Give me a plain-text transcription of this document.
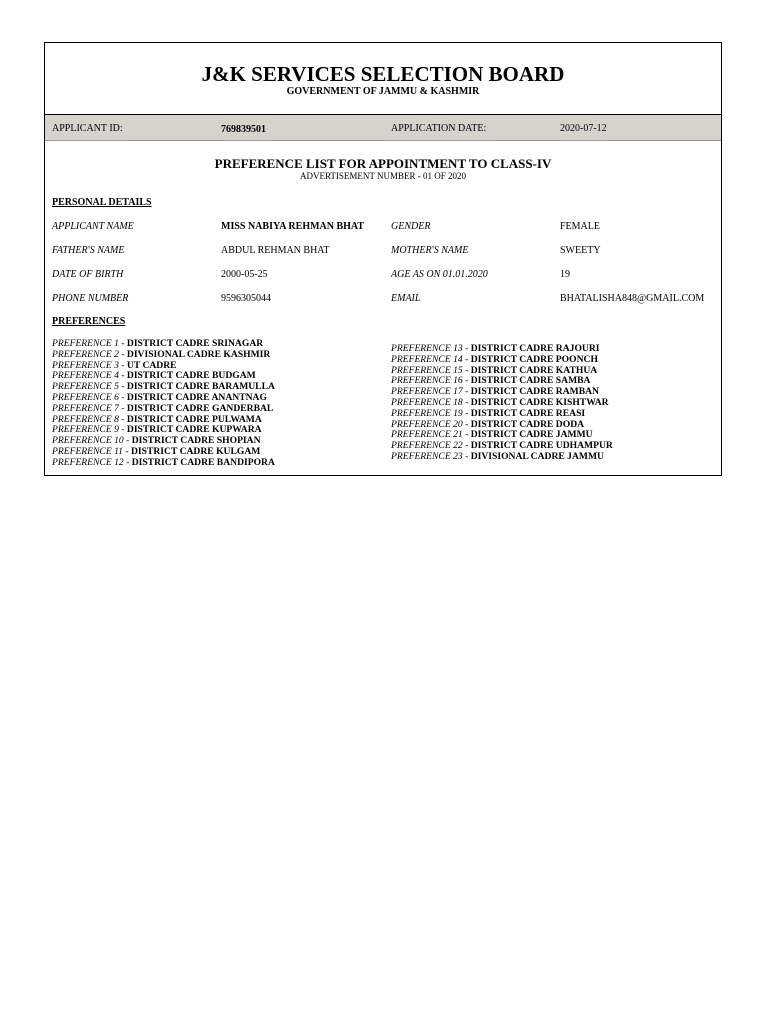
J&K SERVICES SELECTION BOARD
GOVERNMENT OF JAMMU & KASHMIR
APPLICANT ID:	769839501	APPLICATION DATE:	2020-07-12
PREFERENCE LIST FOR APPOINTMENT TO CLASS-IV
ADVERTISEMENT NUMBER - 01 OF 2020
PERSONAL DETAILS
APPLICANT NAME	MISS NABIYA REHMAN BHAT	GENDER	FEMALE
FATHER'S NAME	ABDUL REHMAN BHAT	MOTHER'S NAME	SWEETY
DATE OF BIRTH	2000-05-25	AGE AS ON 01.01.2020	19
PHONE NUMBER	9596305044	EMAIL	BHATALISHA848@GMAIL.COM
PREFERENCES
PREFERENCE 1 - DISTRICT CADRE SRINAGAR
PREFERENCE 2 - DIVISIONAL CADRE KASHMIR
PREFERENCE 3 - UT CADRE
PREFERENCE 4 - DISTRICT CADRE BUDGAM
PREFERENCE 5 - DISTRICT CADRE BARAMULLA
PREFERENCE 6 - DISTRICT CADRE ANANTNAG
PREFERENCE 7 - DISTRICT CADRE GANDERBAL
PREFERENCE 8 - DISTRICT CADRE PULWAMA
PREFERENCE 9 - DISTRICT CADRE KUPWARA
PREFERENCE 10 - DISTRICT CADRE SHOPIAN
PREFERENCE 11 - DISTRICT CADRE KULGAM
PREFERENCE 12 - DISTRICT CADRE BANDIPORA
PREFERENCE 13 - DISTRICT CADRE RAJOURI
PREFERENCE 14 - DISTRICT CADRE POONCH
PREFERENCE 15 - DISTRICT CADRE KATHUA
PREFERENCE 16 - DISTRICT CADRE SAMBA
PREFERENCE 17 - DISTRICT CADRE RAMBAN
PREFERENCE 18 - DISTRICT CADRE KISHTWAR
PREFERENCE 19 - DISTRICT CADRE REASI
PREFERENCE 20 - DISTRICT CADRE DODA
PREFERENCE 21 - DISTRICT CADRE JAMMU
PREFERENCE 22 - DISTRICT CADRE UDHAMPUR
PREFERENCE 23 - DIVISIONAL CADRE JAMMU
